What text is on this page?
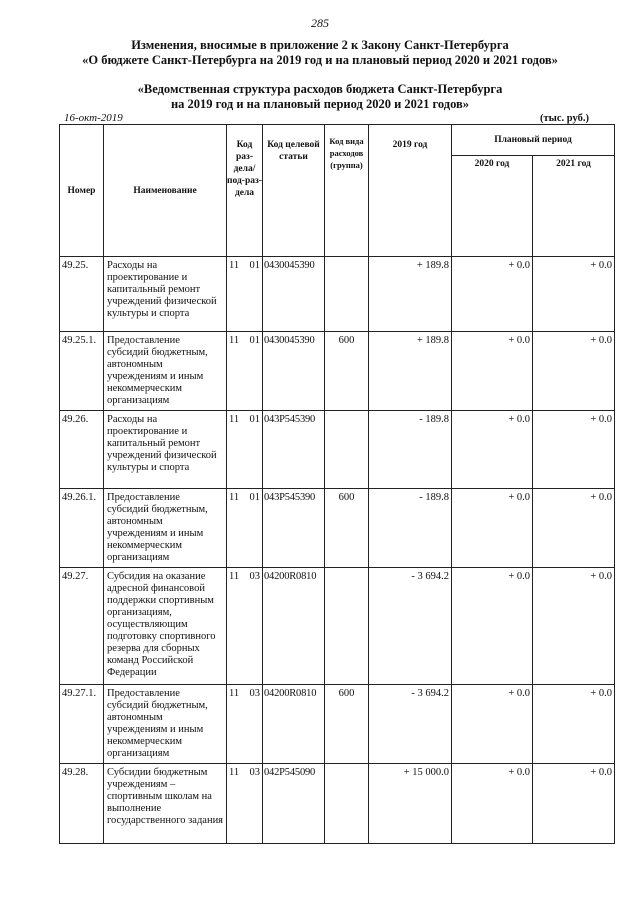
285
Изменения, вносимые в приложение 2 к Закону Санкт-Петербурга
«О бюджете Санкт-Петербурга на 2019 год и на плановый период 2020 и 2021 годов»
«Ведомственная структура расходов бюджета Санкт-Петербурга
на 2019 год и на плановый период 2020 и 2021 годов»
16-окт-2019	(тыс. руб.)
Номер	Наименование	Код раз-дела/ под-раз-дела	Код целевой статьи	Код вида расходов (группа)	2019 год	Плановый период	
						2020 год	2021 год
49.25.	Расходы на проектирование и капитальный ремонт учреждений физической культуры и спорта	11 01	0430045390		+ 189.8	+ 0.0	+ 0.0
49.25.1.	Предоставление субсидий бюджетным, автономным учреждениям и иным некоммерческим организациям	11 01	0430045390	600	+ 189.8	+ 0.0	+ 0.0
49.26.	Расходы на проектирование и капитальный ремонт учреждений физической культуры и спорта	11 01	043Р545390		- 189.8	+ 0.0	+ 0.0
49.26.1.	Предоставление субсидий бюджетным, автономным учреждениям и иным некоммерческим организациям	11 01	043Р545390	600	- 189.8	+ 0.0	+ 0.0
49.27.	Субсидия на оказание адресной финансовой поддержки спортивным организациям, осуществляющим подготовку спортивного резерва для сборных команд Российской Федерации	11 03	04200R0810		- 3 694.2	+ 0.0	+ 0.0
49.27.1.	Предоставление субсидий бюджетным, автономным учреждениям и иным некоммерческим организациям	11 03	04200R0810	600	- 3 694.2	+ 0.0	+ 0.0
49.28.	Субсидии бюджетным учреждениям – спортивным школам на выполнение государственного задания	11 03	042Р545090		+ 15 000.0	+ 0.0	+ 0.0
